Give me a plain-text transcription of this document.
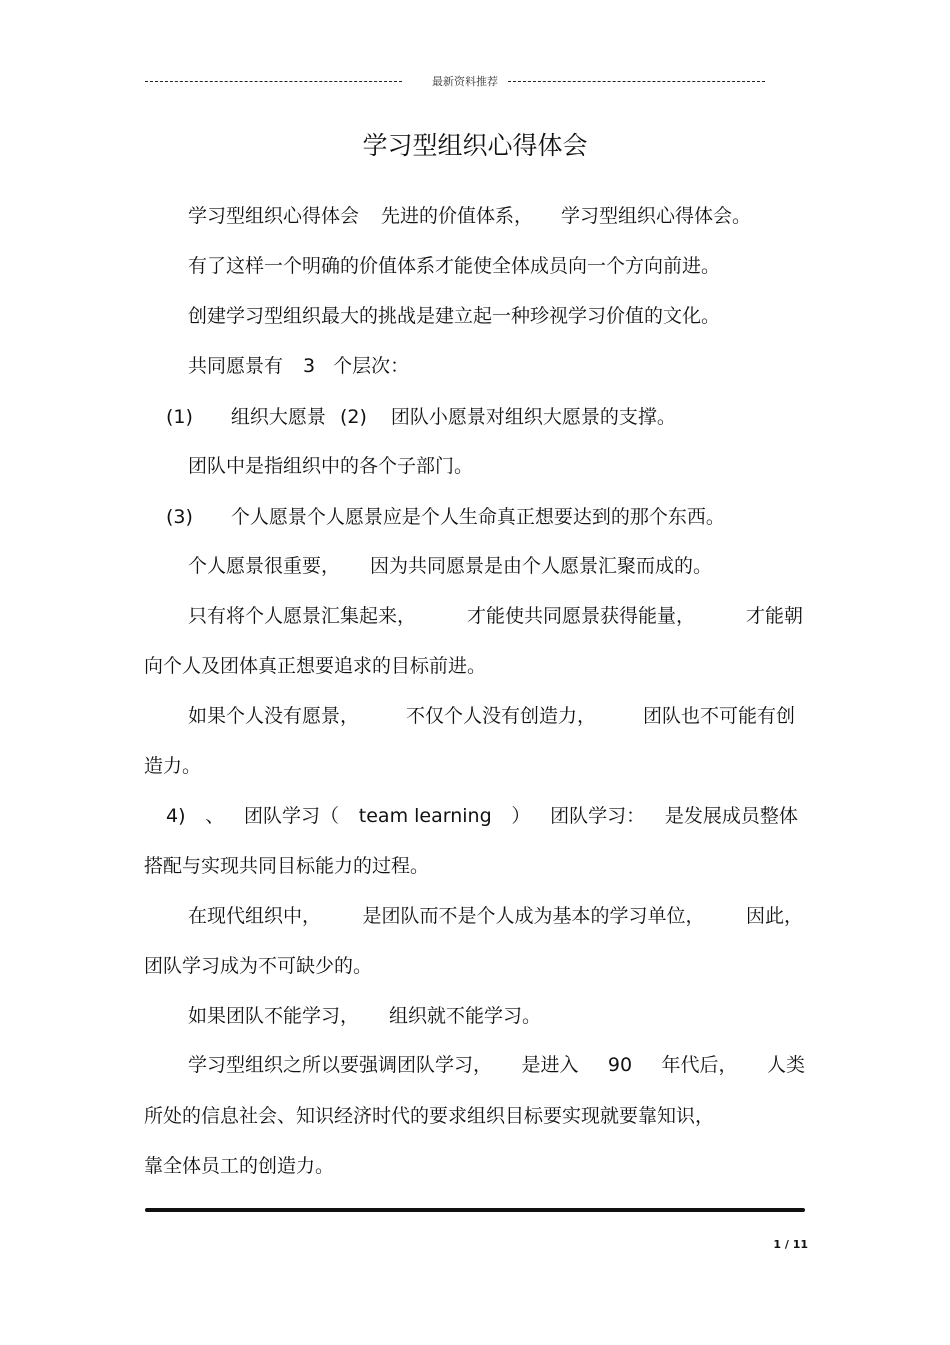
最新资料推荐
学习型组织心得体会
学习型组织心得体会 先进的价值体系， 学习型组织心得体会。
有了这样一个明确的价值体系才能使全体成员向一个方向前进。
创建学习型组织最大的挑战是建立起一种珍视学习价值的文化。
共同愿景有 3 个层次：
(1) 组织大愿景 (2) 团队小愿景对组织大愿景的支撑。
团队中是指组织中的各个子部门。
(3) 个人愿景个人愿景应是个人生命真正想要达到的那个东西。
个人愿景很重要， 因为共同愿景是由个人愿景汇聚而成的。
只有将个人愿景汇集起来，	才能使共同愿景获得能量，	才能朝
向个人及团体真正想要追求的目标前进。
如果个人没有愿景， 不仅个人没有创造力， 团队也不可能有创
造力。
4) 、 团队学习（ team learning ） 团队学习： 是发展成员整体
搭配与实现共同目标能力的过程。
在现代组织中， 是团队而不是个人成为基本的学习单位， 因此，
团队学习成为不可缺少的。
如果团队不能学习， 组织就不能学习。
学习型组织之所以要强调团队学习， 是进入 90 年代后， 人类
所处的信息社会、知识经济时代的要求组织目标要实现就要靠知识，
靠全体员工的创造力。
1 / 11
